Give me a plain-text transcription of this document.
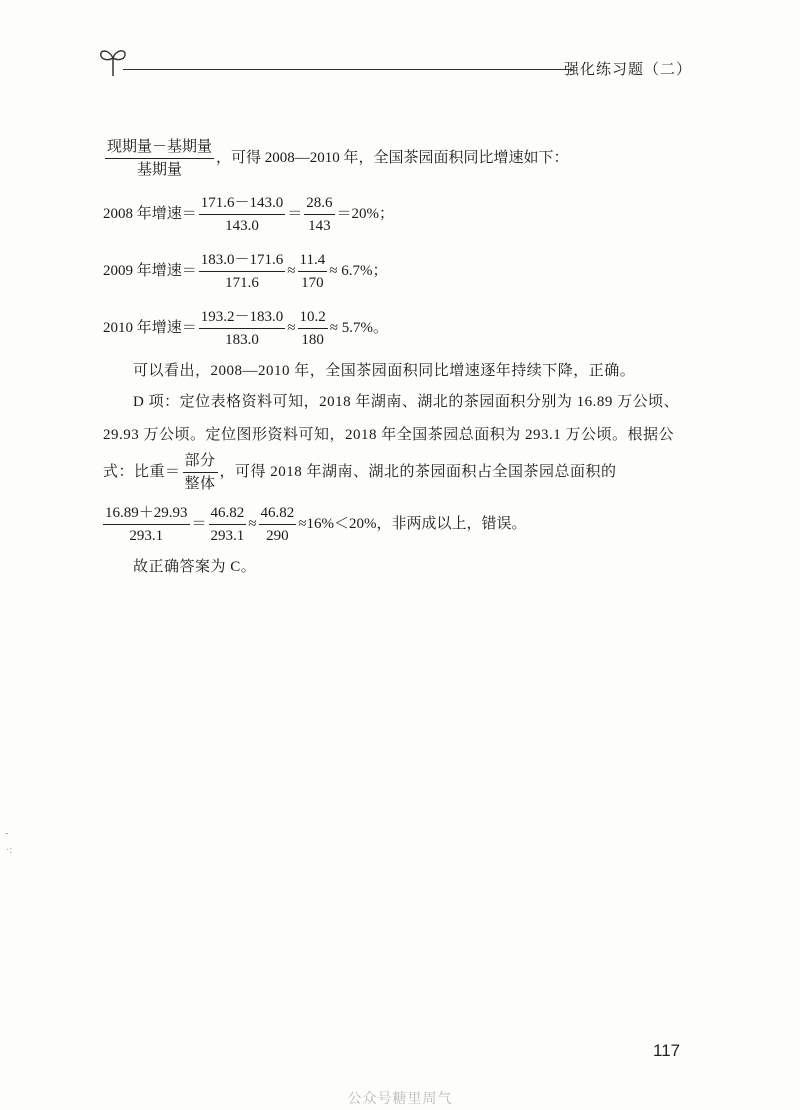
强化练习题（二）
$\frac{\text{现期量－基期量}}{\text{基期量}}$ ，可得 2008—2010 年，全国茶园面积同比增速如下：
2008 年增速＝ $\frac{171.6-143.0}{143.0} = \frac{28.6}{143} =20\%$；
2009 年增速＝ $\frac{183.0-171.6}{171.6} \approx \frac{11.4}{170} \approx 6.7\%$；
2010 年增速＝ $\frac{193.2-183.0}{183.0} \approx \frac{10.2}{180} \approx 5.7\%$。
可以看出，2008—2010 年，全国茶园面积同比增速逐年持续下降，正确。
D 项：定位表格资料可知，2018 年湖南、湖北的茶园面积分别为 16.89 万公顷、29.93 万公顷。定位图形资料可知，2018 年全国茶园总面积为 293.1 万公顷。根据公式：比重＝ $\frac{\text{部分}}{\text{整体}}$ ，可得 2018 年湖南、湖北的茶园面积占全国茶园总面积的
$\frac{16.89+29.93}{293.1} = \frac{46.82}{293.1} \approx \frac{46.82}{290} \approx 16\%<20\%$，非两成以上，错误。
故正确答案为 C。
-
·:
117
公众号糖里周气
